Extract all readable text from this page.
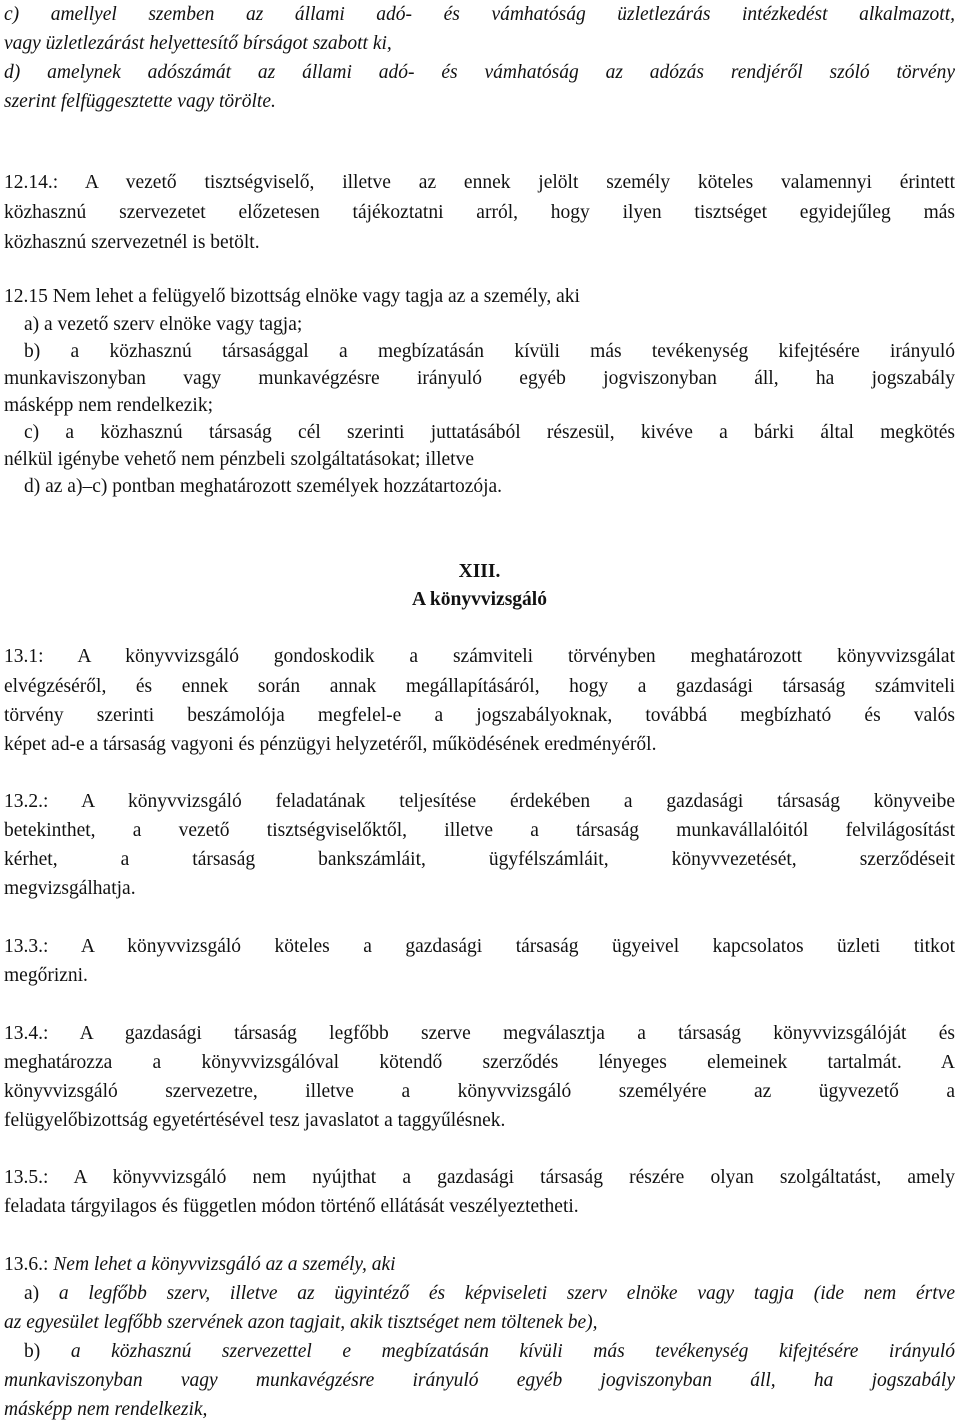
c) amellyel szemben az állami adó- és vámhatóság üzletlezárás intézkedést alkalmazott,
vagy üzletlezárást helyettesítő bírságot szabott ki,
d) amelynek adószámát az állami adó- és vámhatóság az adózás rendjéről szóló törvény
szerint felfüggesztette vagy törölte.
12.14.: A vezető tisztségviselő, illetve az ennek jelölt személy köteles valamennyi érintett
közhasznú szervezetet előzetesen tájékoztatni arról, hogy ilyen tisztséget egyidejűleg más
közhasznú szervezetnél is betölt.
12.15 Nem lehet a felügyelő bizottság elnöke vagy tagja az a személy, aki
a) a vezető szerv elnöke vagy tagja;
b) a közhasznú társasággal a megbízatásán kívüli más tevékenység kifejtésére irányuló
munkaviszonyban vagy munkavégzésre irányuló egyéb jogviszonyban áll, ha jogszabály
másképp nem rendelkezik;
c) a közhasznú társaság cél szerinti juttatásából részesül, kivéve a bárki által megkötés
nélkül igénybe vehető nem pénzbeli szolgáltatásokat; illetve
d) az a)–c) pontban meghatározott személyek hozzátartozója.
XIII.
A könyvvizsgáló
13.1: A könyvvizsgáló gondoskodik a számviteli törvényben meghatározott könyvvizsgálat
elvégzéséről, és ennek során annak megállapításáról, hogy a gazdasági társaság számviteli
törvény szerinti beszámolója megfelel-e a jogszabályoknak, továbbá megbízható és valós
képet ad-e a társaság vagyoni és pénzügyi helyzetéről, működésének eredményéről.
13.2.: A könyvvizsgáló feladatának teljesítése érdekében a gazdasági társaság könyveibe
betekinthet, a vezető tisztségviselőktől, illetve a társaság munkavállalóitól felvilágosítást
kérhet, a társaság bankszámláit, ügyfélszámláit, könyvvezetését, szerződéseit
megvizsgálhatja.
13.3.: A könyvvizsgáló köteles a gazdasági társaság ügyeivel kapcsolatos üzleti titkot
megőrizni.
13.4.: A gazdasági társaság legfőbb szerve megválasztja a társaság könyvvizsgálóját és
meghatározza a könyvvizsgálóval kötendő szerződés lényeges elemeinek tartalmát. A
könyvvizsgáló szervezetre, illetve a könyvvizsgáló személyére az ügyvezető a
felügyelőbizottság egyetértésével tesz javaslatot a taggyűlésnek.
13.5.: A könyvvizsgáló nem nyújthat a gazdasági társaság részére olyan szolgáltatást, amely
feladata tárgyilagos és független módon történő ellátását veszélyeztetheti.
13.6.: Nem lehet a könyvvizsgáló az a személy, aki
a) a legfőbb szerv, illetve az ügyintéző és képviseleti szerv elnöke vagy tagja (ide nem értve
az egyesület legfőbb szervének azon tagjait, akik tisztséget nem töltenek be),
b) a közhasznú szervezettel e megbízatásán kívüli más tevékenység kifejtésére irányuló
munkaviszonyban vagy munkavégzésre irányuló egyéb jogviszonyban áll, ha jogszabály
másképp nem rendelkezik,
